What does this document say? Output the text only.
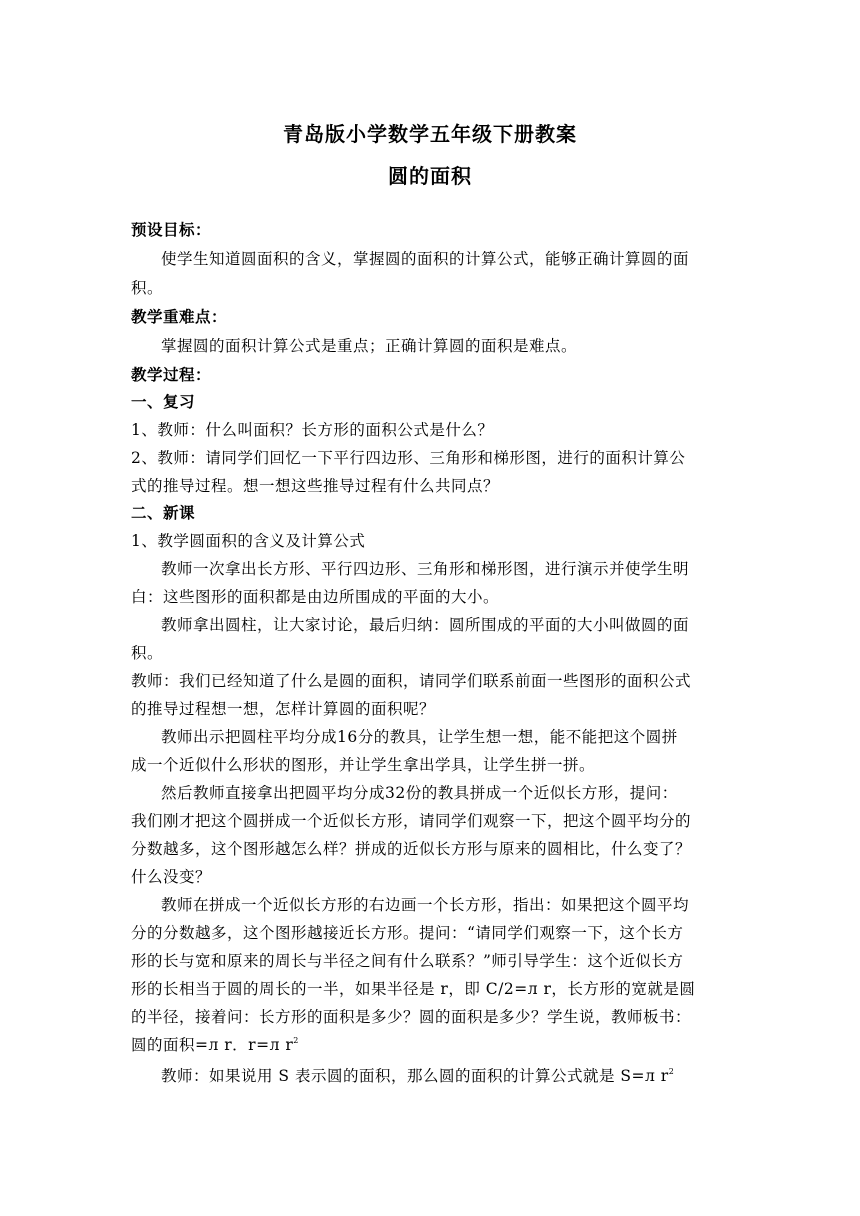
青岛版小学数学五年级下册教案
圆的面积
预设目标：
使学生知道圆面积的含义，掌握圆的面积的计算公式，能够正确计算圆的面
积。
教学重难点：
掌握圆的面积计算公式是重点；正确计算圆的面积是难点。
教学过程：
一、复习
1、教师：什么叫面积？长方形的面积公式是什么？
2、教师：请同学们回忆一下平行四边形、三角形和梯形图，进行的面积计算公
式的推导过程。想一想这些推导过程有什么共同点？
二、新课
1、教学圆面积的含义及计算公式
教师一次拿出长方形、平行四边形、三角形和梯形图，进行演示并使学生明
白：这些图形的面积都是由边所围成的平面的大小。
教师拿出圆柱，让大家讨论，最后归纳：圆所围成的平面的大小叫做圆的面
积。
教师：我们已经知道了什么是圆的面积，请同学们联系前面一些图形的面积公式
的推导过程想一想，怎样计算圆的面积呢？
教师出示把圆柱平均分成16分的教具，让学生想一想，能不能把这个圆拼
成一个近似什么形状的图形，并让学生拿出学具，让学生拼一拼。
然后教师直接拿出把圆平均分成32份的教具拼成一个近似长方形，提问：
我们刚才把这个圆拼成一个近似长方形，请同学们观察一下，把这个圆平均分的
分数越多，这个图形越怎么样？拼成的近似长方形与原来的圆相比，什么变了？
什么没变？
教师在拼成一个近似长方形的右边画一个长方形，指出：如果把这个圆平均
分的分数越多，这个图形越接近长方形。提问：“请同学们观察一下，这个长方
形的长与宽和原来的周长与半径之间有什么联系？”师引导学生：这个近似长方
形的长相当于圆的周长的一半，如果半径是 r，即 C/2=л r，长方形的宽就是圆
的半径，接着问：长方形的面积是多少？圆的面积是多少？学生说，教师板书：
圆的面积=л r．r=л $r^2$
教师：如果说用 S 表示圆的面积，那么圆的面积的计算公式就是 S=л $r^2$
